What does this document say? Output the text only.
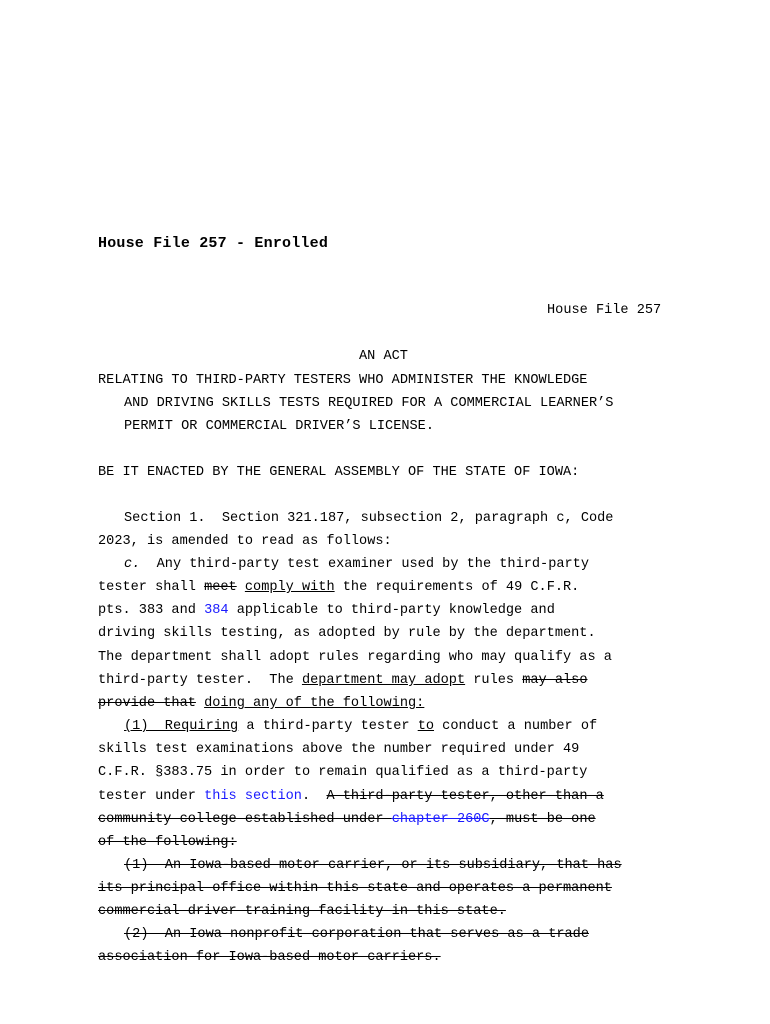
House File 257 - Enrolled
House File 257
AN ACT
RELATING TO THIRD-PARTY TESTERS WHO ADMINISTER THE KNOWLEDGE
AND DRIVING SKILLS TESTS REQUIRED FOR A COMMERCIAL LEARNER’S
PERMIT OR COMMERCIAL DRIVER’S LICENSE.
BE IT ENACTED BY THE GENERAL ASSEMBLY OF THE STATE OF IOWA:
Section 1.  Section 321.187, subsection 2, paragraph c, Code
2023, is amended to read as follows:
c.  Any third-party test examiner used by the third-party
tester shall meet comply with the requirements of 49 C.F.R.
pts. 383 and 384 applicable to third-party knowledge and
driving skills testing, as adopted by rule by the department.
The department shall adopt rules regarding who may qualify as a
third-party tester.  The department may adopt rules may also
provide that doing any of the following:
(1)  Requiring a third-party tester to conduct a number of
skills test examinations above the number required under 49
C.F.R. §383.75 in order to remain qualified as a third-party
tester under this section.  A third-party tester, other than a
community college established under chapter 260C, must be one
of the following:
(1)  An Iowa-based motor carrier, or its subsidiary, that has
its principal office within this state and operates a permanent
commercial driver training facility in this state.
(2)  An Iowa nonprofit corporation that serves as a trade
association for Iowa-based motor carriers.
